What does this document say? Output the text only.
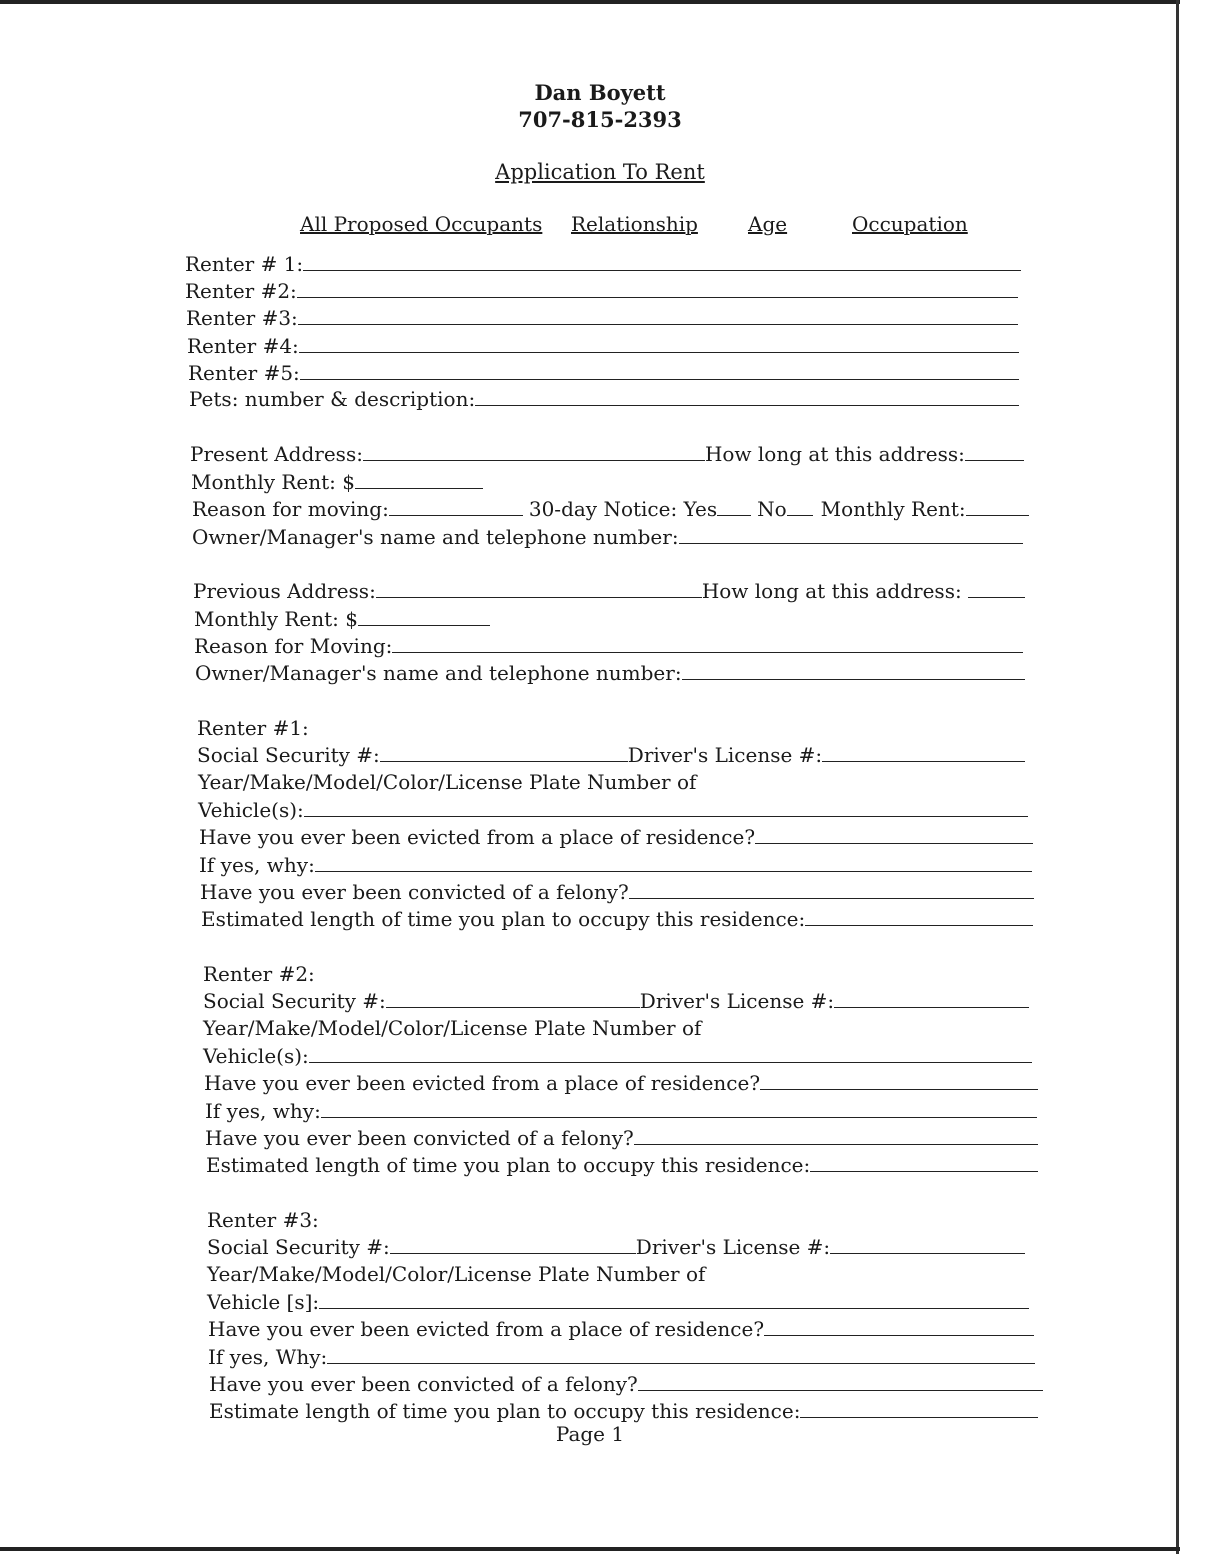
Dan Boyett
707-815-2393
Application To Rent
All Proposed Occupants Relationship	Age	Occupation
Renter # 1:
Renter #2:
Renter #3:
Renter #4:
Renter #5:
Pets: number & description:
Present Address:	How long at this address:
Monthly Rent: $
Reason for moving:	30-day Notice: Yes No Monthly Rent:
Owner/Manager's name and telephone number:
Previous Address:	How long at this address:
Monthly Rent: $
Reason for Moving:
Owner/Manager's name and telephone number:
Renter #1:
Social Security #:	Driver's License #:
Year/Make/Model/Color/License Plate Number of
Vehicle(s):
Have you ever been evicted from a place of residence?
If yes, why:
Have you ever been convicted of a felony?
Estimated length of time you plan to occupy this residence:
Renter #2:
Social Security #:	Driver's License #:
Year/Make/Model/Color/License Plate Number of
Vehicle(s):
Have you ever been evicted from a place of residence?
If yes, why:
Have you ever been convicted of a felony?
Estimated length of time you plan to occupy this residence:
Renter #3:
Social Security #:	Driver's License #:
Year/Make/Model/Color/License Plate Number of
Vehicle [s]:
Have you ever been evicted from a place of residence?
If yes, Why:
Have you ever been convicted of a felony?
Estimate length of time you plan to occupy this residence:
Page 1
